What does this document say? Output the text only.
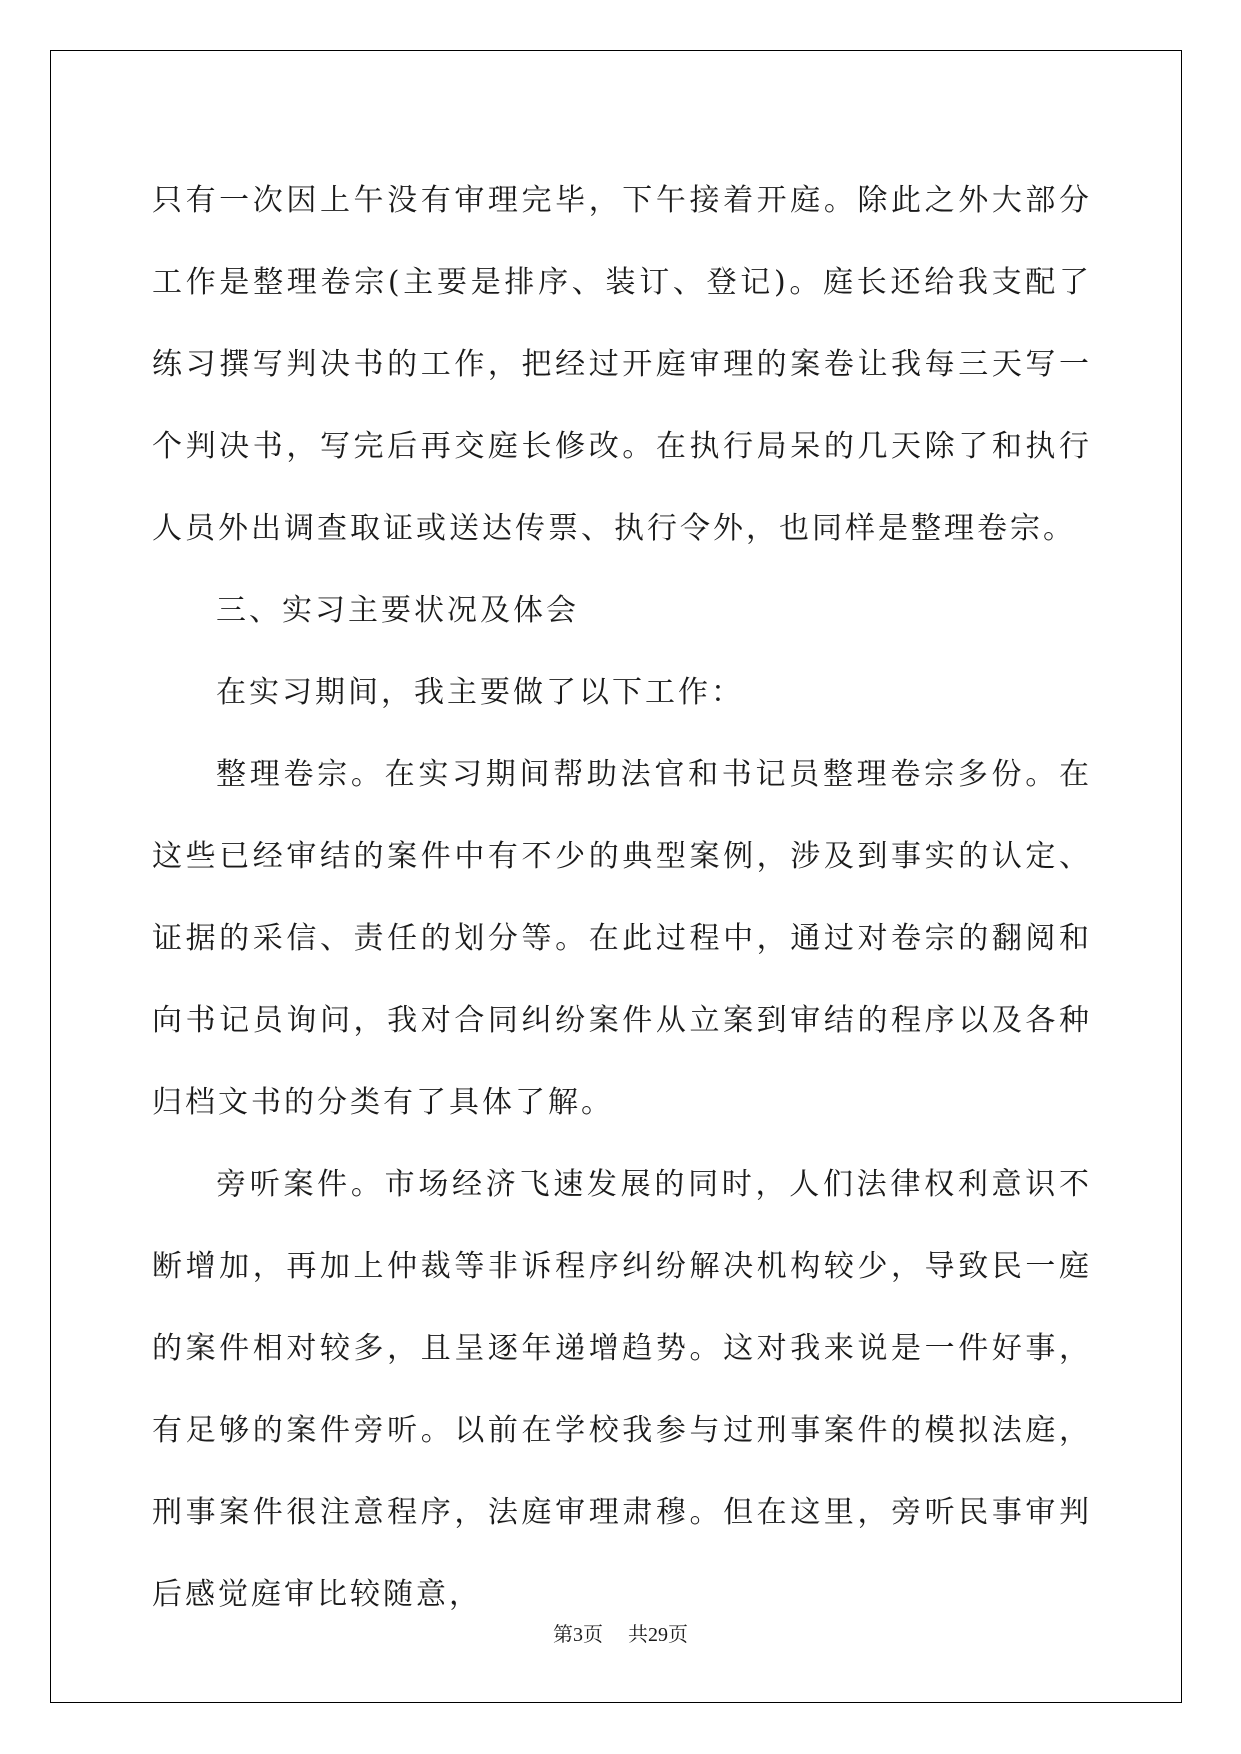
只有一次因上午没有审理完毕，下午接着开庭。除此之外大部分工作是整理卷宗(主要是排序、装订、登记)。庭长还给我支配了练习撰写判决书的工作，把经过开庭审理的案卷让我每三天写一个判决书，写完后再交庭长修改。在执行局呆的几天除了和执行人员外出调查取证或送达传票、执行令外，也同样是整理卷宗。

三、实习主要状况及体会

在实习期间，我主要做了以下工作：

整理卷宗。在实习期间帮助法官和书记员整理卷宗多份。在这些已经审结的案件中有不少的典型案例，涉及到事实的认定、证据的采信、责任的划分等。在此过程中，通过对卷宗的翻阅和向书记员询问，我对合同纠纷案件从立案到审结的程序以及各种归档文书的分类有了具体了解。

旁听案件。市场经济飞速发展的同时，人们法律权利意识不断增加，再加上仲裁等非诉程序纠纷解决机构较少，导致民一庭的案件相对较多，且呈逐年递增趋势。这对我来说是一件好事，有足够的案件旁听。以前在学校我参与过刑事案件的模拟法庭，刑事案件很注意程序，法庭审理肃穆。但在这里，旁听民事审判后感觉庭审比较随意，

第3页 共29页
